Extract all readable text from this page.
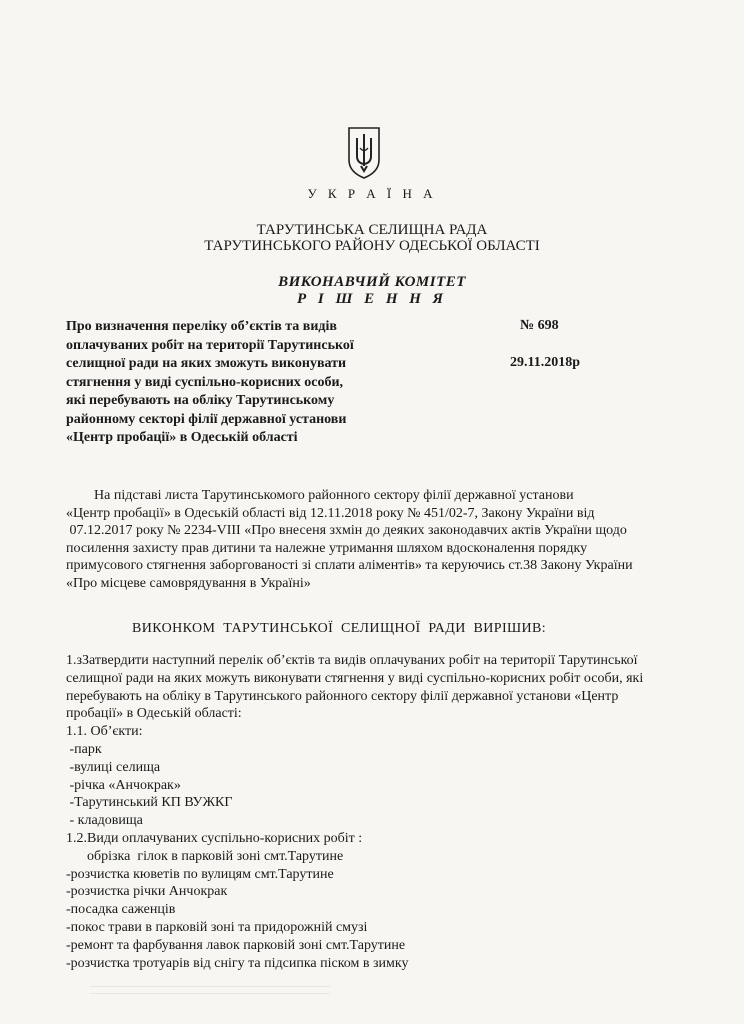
У К Р А Ї Н А
ТАРУТИНСЬКА СЕЛИЩНА РАДА
ТАРУТИНСЬКОГО РАЙОНУ ОДЕСЬКОЇ ОБЛАСТІ
ВИКОНАВЧИЙ КОМІТЕТ
Р І Ш Е Н Н Я
Про визначення переліку об’єктів та видів
оплачуваних робіт на території Тарутинської
селищної ради на яких зможуть виконувати
стягнення у виді суспільно-корисних особи,
які перебувають на обліку Тарутинському
районному секторі філії державної установи
«Центр пробації» в Одеській області
№ 698
29.11.2018р
На підставі листа Тарутинськомого районного сектору філії державної установи
«Центр пробації» в Одеській області від 12.11.2018 року № 451/02-7, Закону України від
07.12.2017 року № 2234-VIII «Про внесеня зхмін до деяких законодавчих актів України щодо
посилення захисту прав дитини та належне утримання шляхом вдосконалення порядку
примусового стягнення заборгованості зі сплати аліментів» та керуючись ст.38 Закону України
«Про місцеве самоврядування в Україні»
ВИКОНКОМ  ТАРУТИНСЬКОЇ  СЕЛИЩНОЇ  РАДИ  ВИРІШИВ:
1.зЗатвердити наступний перелік об’єктів та видів оплачуваних робіт на території Тарутинської
селищної ради на яких можуть виконувати стягнення у виді суспільно-корисних робіт особи, які
перебувають на обліку в Тарутинського районного сектору філії державної установи «Центр
пробації» в Одеській області:
1.1. Об’єкти:
-парк
-вулиці селища
-річка «Анчокрак»
-Тарутинський КП ВУЖКГ
- кладовища
1.2.Види оплачуваних суспільно-корисних робіт :
обрізка  гілок в парковій зоні смт.Тарутине
-розчистка кюветів по вулицям смт.Тарутине
-розчистка річки Анчокрак
-посадка саженців
-покос трави в парковій зоні та придорожній смузі
-ремонт та фарбування лавок парковій зоні смт.Тарутине
-розчистка тротуарів від снігу та підсипка піском в зимку
